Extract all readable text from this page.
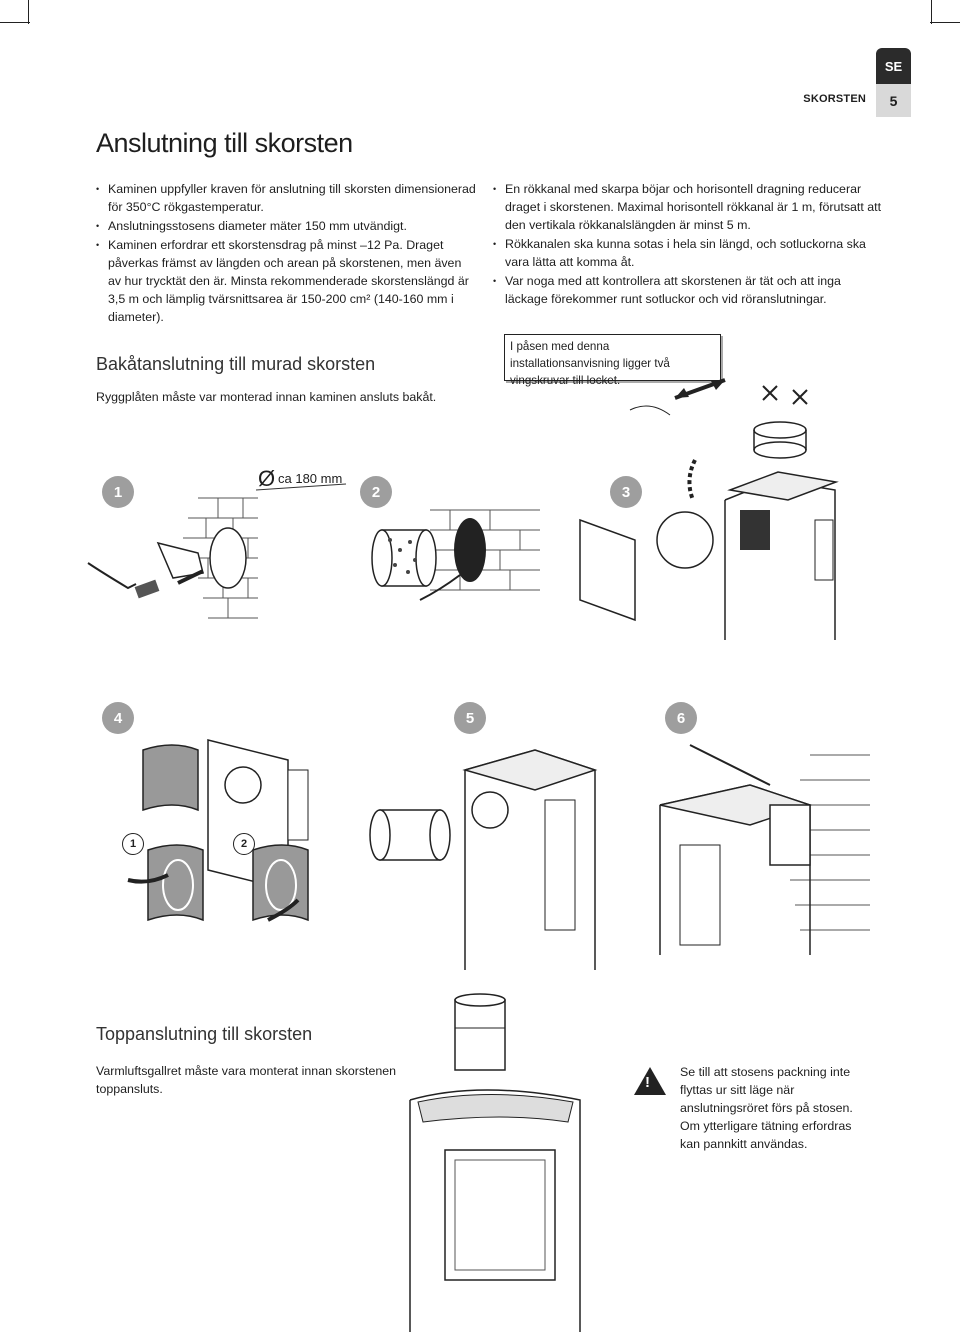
SE
SKORSTEN	5
Anslutning till skorsten
• Kaminen uppfyller kraven för anslutning till skorsten dimensionerad för 350°C rökgastemperatur.
• Anslutningsstosens diameter mäter 150 mm utvändigt.
• Kaminen erfordrar ett skorstensdrag på minst –12 Pa. Draget påverkas främst av längden och arean på skorstenen, men även av hur trycktät den är. Minsta rekommenderade skorstenslängd är 3,5 m och lämplig tvärsnittsarea är 150-200 cm² (140-160 mm i diameter).
• En rökkanal med skarpa böjar och horisontell dragning reducerar draget i skorstenen. Maximal horisontell rökkanal är 1 m, förutsatt att den vertikala rökkanalslängden är minst 5 m.
• Rökkanalen ska kunna sotas i hela sin längd, och sotluckorna ska vara lätta att komma åt.
• Var noga med att kontrollera att skorstenen är tät och att inga läckage förekommer runt sotluckor och vid röranslutningar.
Bakåtanslutning till murad skorsten
Ryggplåten måste var monterad innan kaminen ansluts bakåt.
I påsen med denna installationsanvisning ligger två vingskruvar till locket.
1	2	3
4	5	6
Ø ca 180 mm
1	2
Toppanslutning till skorsten
Varmluftsgallret måste vara monterat innan skorstenen toppansluts.	!
Se till att stosens packning inte flyttas ur sitt läge när anslutningsröret förs på stosen. Om ytterligare tätning erfordras kan pannkitt användas.
